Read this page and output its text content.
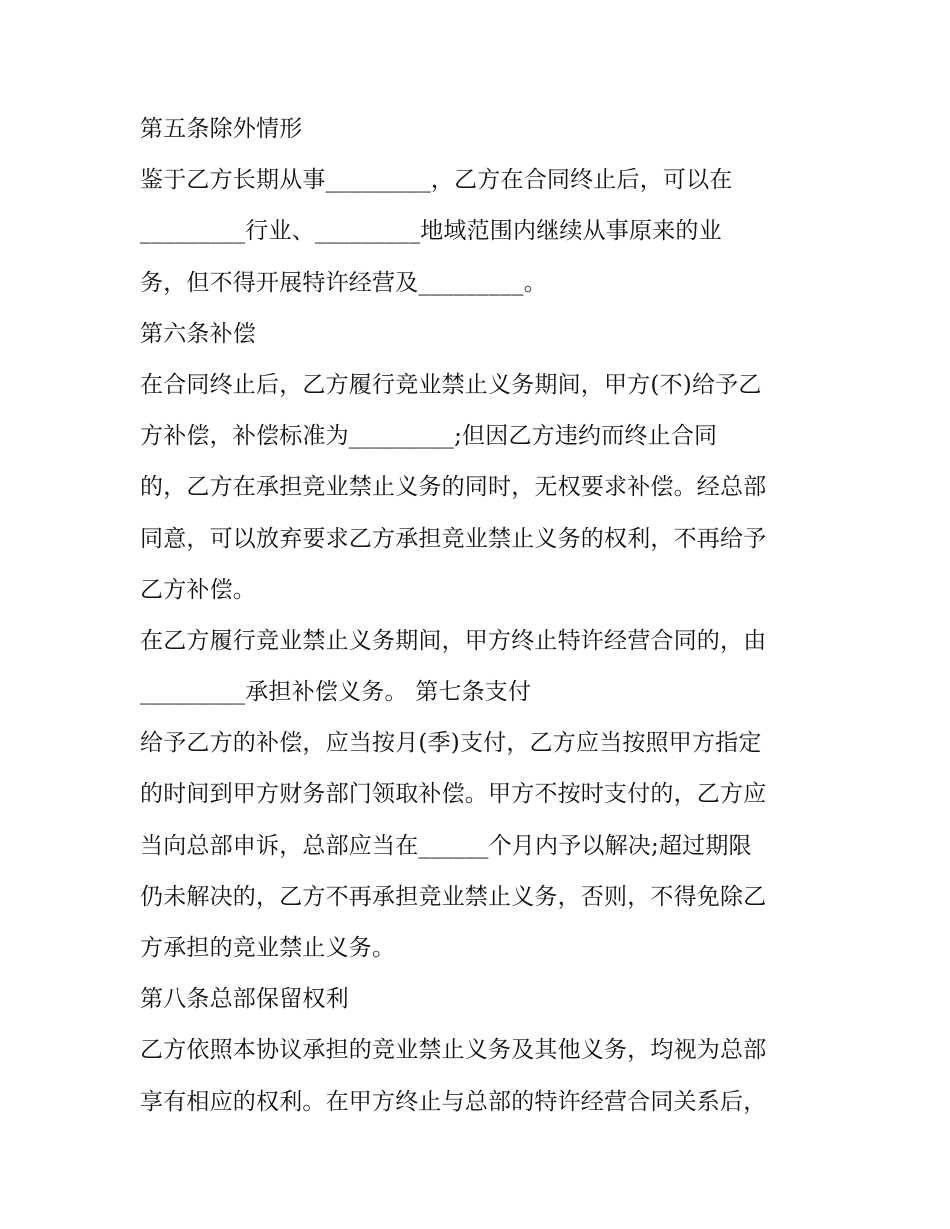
第五条除外情形
鉴于乙方长期从事_________，乙方在合同终止后，可以在
_________行业、_________地域范围内继续从事原来的业
务，但不得开展特许经营及_________。
第六条补偿
在合同终止后，乙方履行竞业禁止义务期间，甲方(不)给予乙
方补偿，补偿标准为_________;但因乙方违约而终止合同
的，乙方在承担竞业禁止义务的同时，无权要求补偿。经总部
同意，可以放弃要求乙方承担竞业禁止义务的权利，不再给予
乙方补偿。
在乙方履行竞业禁止义务期间，甲方终止特许经营合同的，由
_________承担补偿义务。 第七条支付
给予乙方的补偿，应当按月(季)支付，乙方应当按照甲方指定
的时间到甲方财务部门领取补偿。甲方不按时支付的，乙方应
当向总部申诉，总部应当在______个月内予以解决;超过期限
仍未解决的，乙方不再承担竞业禁止义务，否则，不得免除乙
方承担的竞业禁止义务。
第八条总部保留权利
乙方依照本协议承担的竞业禁止义务及其他义务，均视为总部
享有相应的权利。在甲方终止与总部的特许经营合同关系后，
